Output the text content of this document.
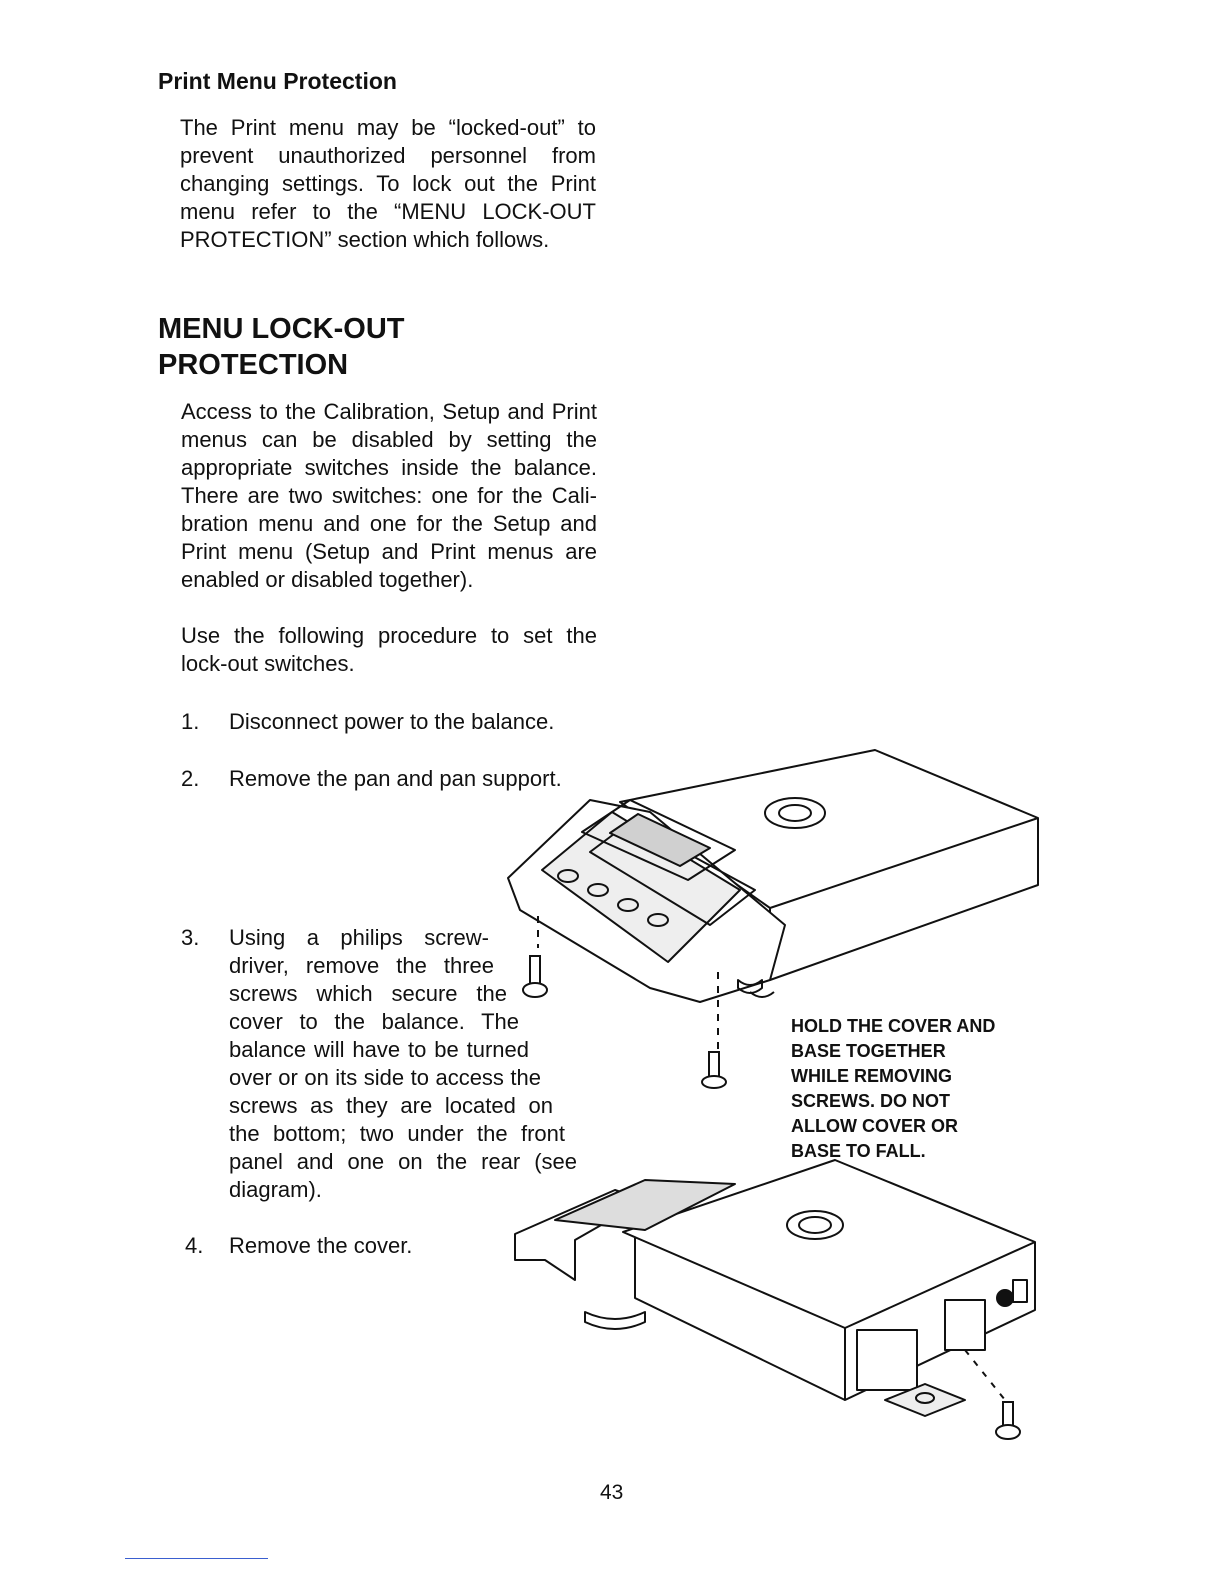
Print Menu Protection
The Print menu may be “locked-out” to
prevent unauthorized personnel from
changing settings. To lock out the Print
menu refer to the “MENU LOCK-OUT
PROTECTION” section which follows.
MENU LOCK-OUT
PROTECTION
Access to the Calibration, Setup and Print
menus can be disabled by setting the
appropriate switches inside the balance.
There are two switches: one for the Cali-
bration menu and one for the Setup and
Print menu (Setup and Print menus are
enabled or disabled together).
Use the following procedure to set the
lock-out switches.
1.	Disconnect power to the balance.
2.	Remove the pan and pan support.
3.	Using a philips screw-
driver, remove the three
screws which secure the
cover to the balance. The
balance will have to be turned
over or on its side to access the
screws as they are located on
the bottom; two under the front
panel and one on the rear (see
diagram).
4.	Remove the cover.
HOLD THE COVER AND
BASE TOGETHER
WHILE REMOVING
SCREWS. DO NOT
ALLOW COVER OR
BASE TO FALL.
43
